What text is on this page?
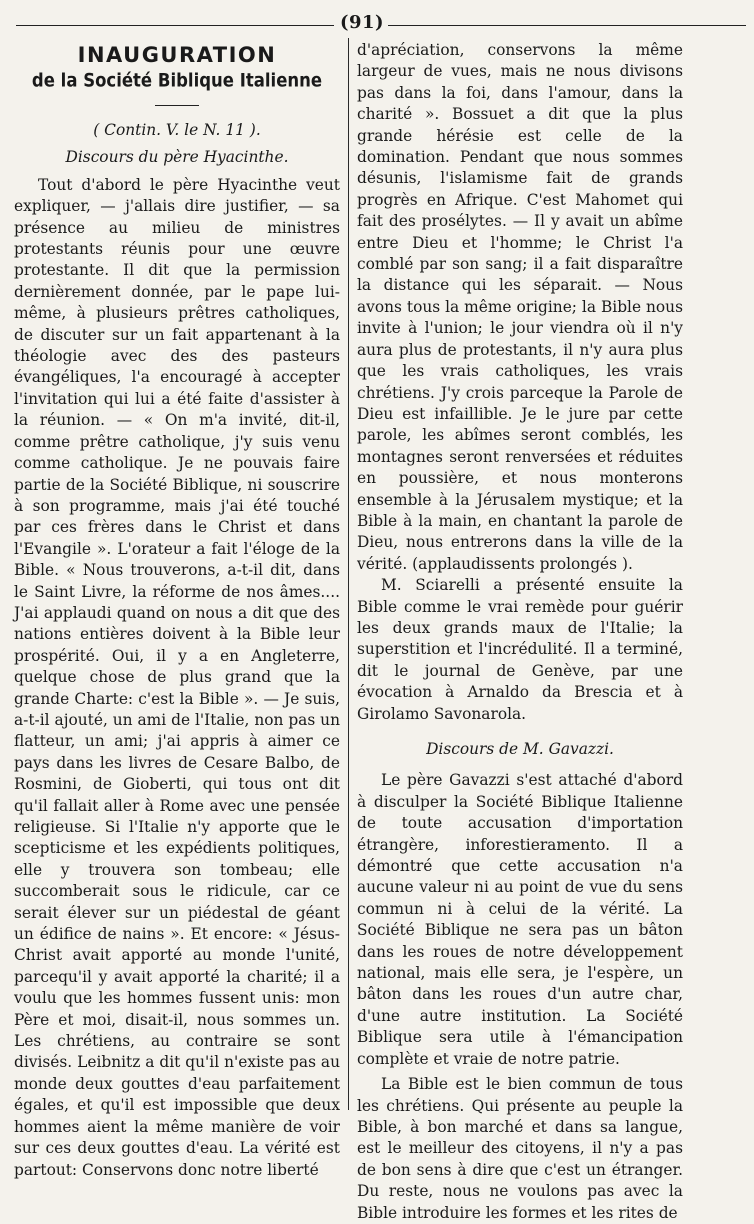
(91)
INAUGURATION
de la Société Biblique Italienne

( Contin. V. le N. 11 ).

Discours du père Hyacinthe.

Tout d'abord le père Hyacinthe veut expliquer, — j'allais dire justifier, — sa présence au milieu de ministres protestants réunis pour une œuvre protestante. Il dit que la permission dernièrement donnée, par le pape lui-même, à plusieurs prêtres catholiques, de discuter sur un fait appartenant à la théologie avec des des pasteurs évangéliques, l'a encouragé à accepter l'invitation qui lui a été faite d'assister à la réunion. — « On m'a invité, dit-il, comme prêtre catholique, j'y suis venu comme catholique. Je ne pouvais faire partie de la Société Biblique, ni souscrire à son programme, mais j'ai été touché par ces frères dans le Christ et dans l'Evangile ». L'orateur a fait l'éloge de la Bible. « Nous trouverons, a-t-il dit, dans le Saint Livre, la réforme de nos âmes.... J'ai applaudi quand on nous a dit que des nations entières doivent à la Bible leur prospérité. Oui, il y a en Angleterre, quelque chose de plus grand que la grande Charte: c'est la Bible ». — Je suis, a-t-il ajouté, un ami de l'Italie, non pas un flatteur, un ami; j'ai appris à aimer ce pays dans les livres de Cesare Balbo, de Rosmini, de Gioberti, qui tous ont dit qu'il fallait aller à Rome avec une pensée religieuse. Si l'Italie n'y apporte que le scepticisme et les expédients politiques, elle y trouvera son tombeau; elle succomberait sous le ridicule, car ce serait élever sur un piédestal de géant un édifice de nains ». Et encore: « Jésus-Christ avait apporté au monde l'unité, parcequ'il y avait apporté la charité; il a voulu que les hommes fussent unis: mon Père et moi, disait-il, nous sommes un. Les chrétiens, au contraire se sont divisés. Leibnitz a dit qu'il n'existe pas au monde deux gouttes d'eau parfaitement égales, et qu'il est impossible que deux hommes aient la même manière de voir sur ces deux gouttes d'eau. La vérité est partout: Conservons donc notre liberté

d'apréciation, conservons la même largeur de vues, mais ne nous divisons pas dans la foi, dans l'amour, dans la charité ». Bossuet a dit que la plus grande hérésie est celle de la domination. Pendant que nous sommes désunis, l'islamisme fait de grands progrès en Afrique. C'est Mahomet qui fait des prosélytes. — Il y avait un abîme entre Dieu et l'homme; le Christ l'a comblé par son sang; il a fait disparaître la distance qui les séparait. — Nous avons tous la même origine; la Bible nous invite à l'union; le jour viendra où il n'y aura plus de protestants, il n'y aura plus que les vrais catholiques, les vrais chrétiens. J'y crois parceque la Parole de Dieu est infaillible. Je le jure par cette parole, les abîmes seront comblés, les montagnes seront renversées et réduites en poussière, et nous monterons ensemble à la Jérusalem mystique; et la Bible à la main, en chantant la parole de Dieu, nous entrerons dans la ville de la vérité. (applaudissents prolongés ).

M. Sciarelli a présenté ensuite la Bible comme le vrai remède pour guérir les deux grands maux de l'Italie; la superstition et l'incrédulité. Il a terminé, dit le journal de Genève, par une évocation à Arnaldo da Brescia et à Girolamo Savonarola.

Discours de M. Gavazzi.

Le père Gavazzi s'est attaché d'abord à disculper la Société Biblique Italienne de toute accusation d'importation étrangère, inforestieramento. Il a démontré que cette accusation n'a aucune valeur ni au point de vue du sens commun ni à celui de la vérité. La Société Biblique ne sera pas un bâton dans les roues de notre développement national, mais elle sera, je l'espère, un bâton dans les roues d'un autre char, d'une autre institution. La Société Biblique sera utile à l'émancipation complète et vraie de notre patrie.

La Bible est le bien commun de tous les chrétiens. Qui présente au peuple la Bible, à bon marché et dans sa langue, est le meilleur des citoyens, il n'y a pas de bon sens à dire que c'est un étranger. Du reste, nous ne voulons pas avec la Bible introduire les formes et les rites de
